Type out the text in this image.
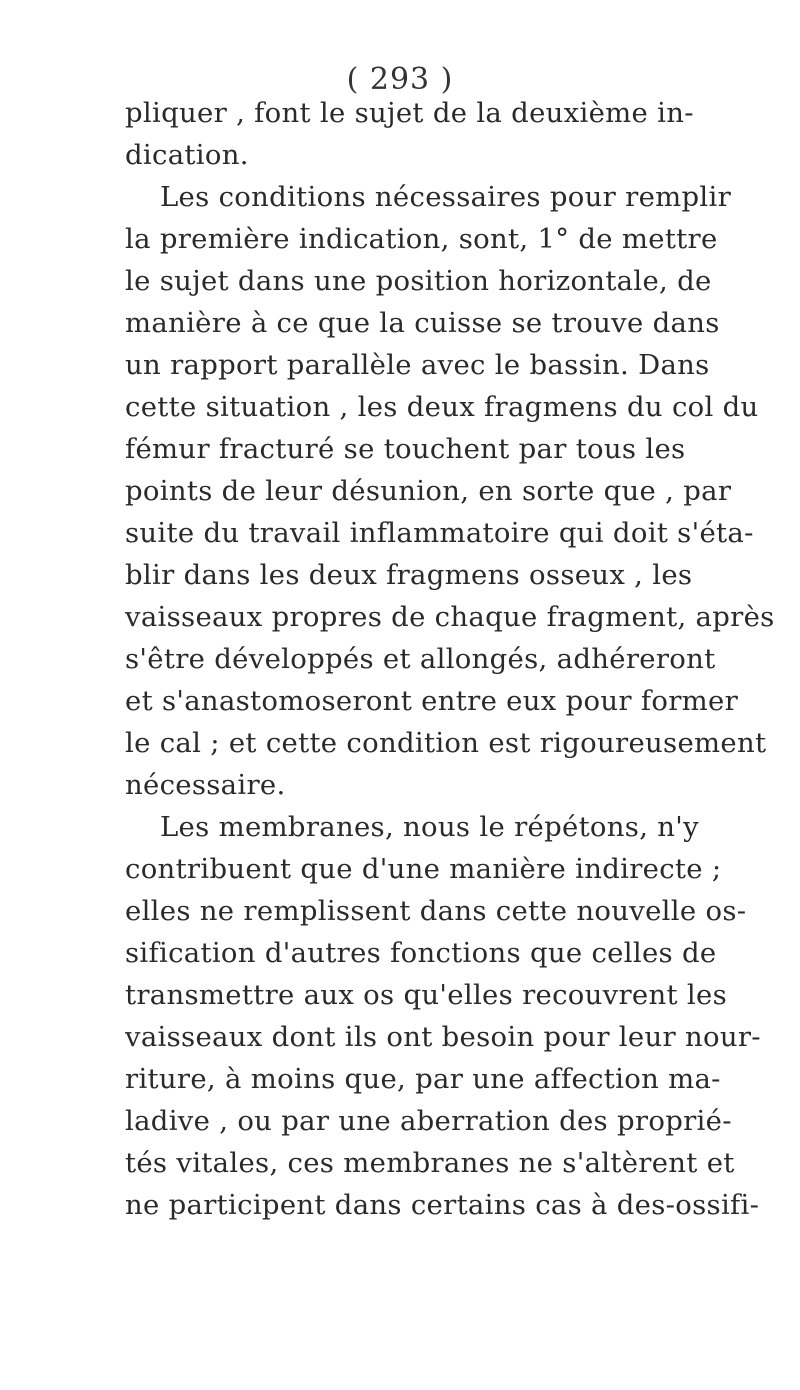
( 293 )
pliquer , font le sujet de la deuxième in-
dication.
Les conditions nécessaires pour remplir
la première indication, sont, 1° de mettre
le sujet dans une position horizontale, de
manière à ce que la cuisse se trouve dans
un rapport parallèle avec le bassin. Dans
cette situation , les deux fragmens du col du
fémur fracturé se touchent par tous les
points de leur désunion, en sorte que , par
suite du travail inflammatoire qui doit s'éta-
blir dans les deux fragmens osseux , les
vaisseaux propres de chaque fragment, après
s'être développés et allongés, adhéreront
et s'anastomoseront entre eux pour former
le cal ; et cette condition est rigoureusement
nécessaire.
Les membranes, nous le répétons, n'y
contribuent que d'une manière indirecte ;
elles ne remplissent dans cette nouvelle os-
sification d'autres fonctions que celles de
transmettre aux os qu'elles recouvrent les
vaisseaux dont ils ont besoin pour leur nour-
riture, à moins que, par une affection ma-
ladive , ou par une aberration des proprié-
tés vitales, ces membranes ne s'altèrent et
ne participent dans certains cas à des-ossifi-
